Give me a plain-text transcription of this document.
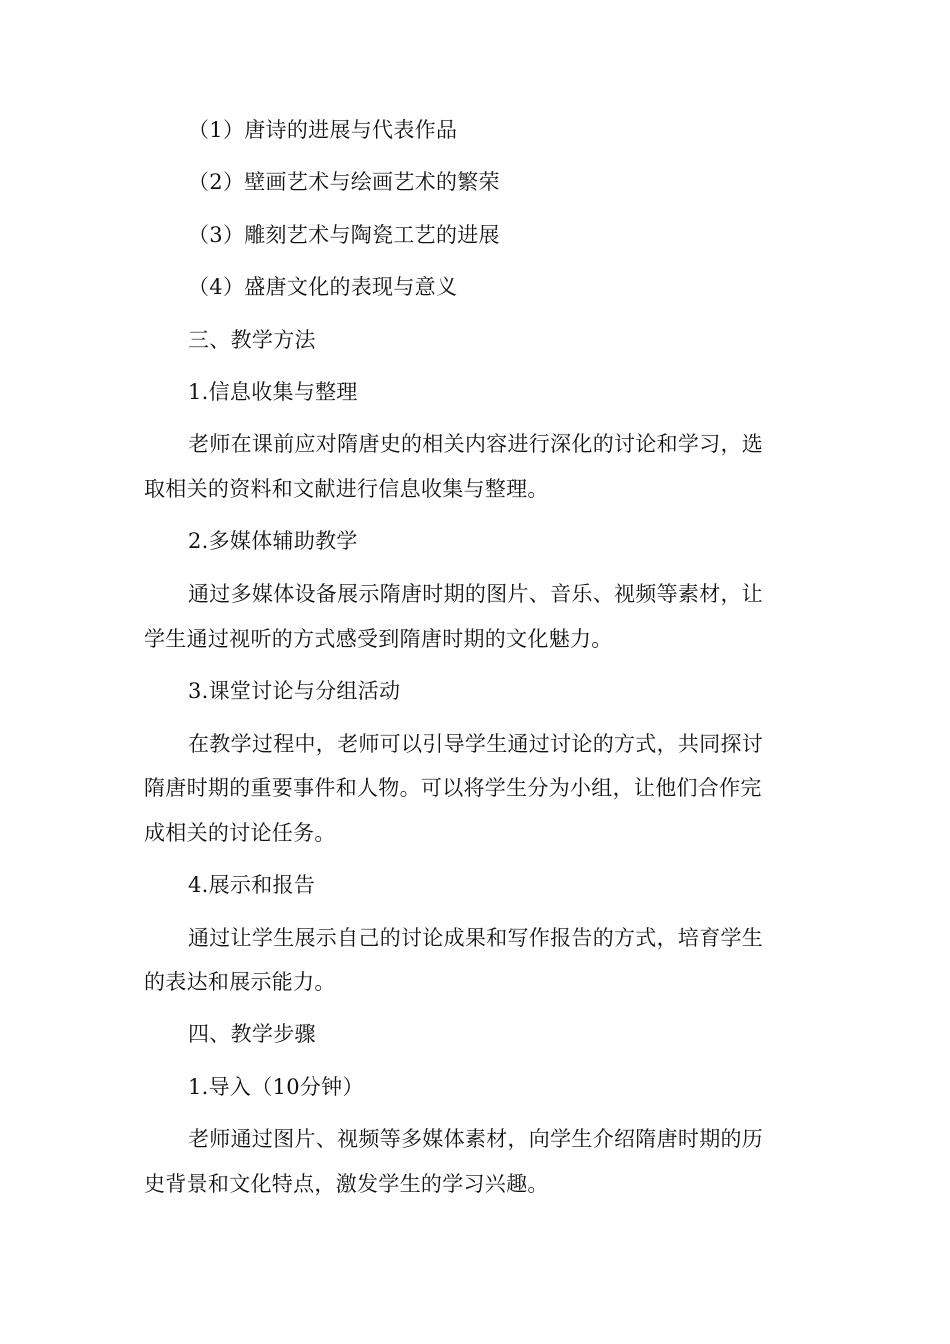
（1）唐诗的进展与代表作品
（2）壁画艺术与绘画艺术的繁荣
（3）雕刻艺术与陶瓷工艺的进展
（4）盛唐文化的表现与意义
三、教学方法
1.信息收集与整理
老师在课前应对隋唐史的相关内容进行深化的讨论和学习，选
取相关的资料和文献进行信息收集与整理。
2.多媒体辅助教学
通过多媒体设备展示隋唐时期的图片、音乐、视频等素材，让
学生通过视听的方式感受到隋唐时期的文化魅力。
3.课堂讨论与分组活动
在教学过程中，老师可以引导学生通过讨论的方式，共同探讨
隋唐时期的重要事件和人物。可以将学生分为小组，让他们合作完
成相关的讨论任务。
4.展示和报告
通过让学生展示自己的讨论成果和写作报告的方式，培育学生
的表达和展示能力。
四、教学步骤
1.导入（10分钟）
老师通过图片、视频等多媒体素材，向学生介绍隋唐时期的历
史背景和文化特点，激发学生的学习兴趣。
